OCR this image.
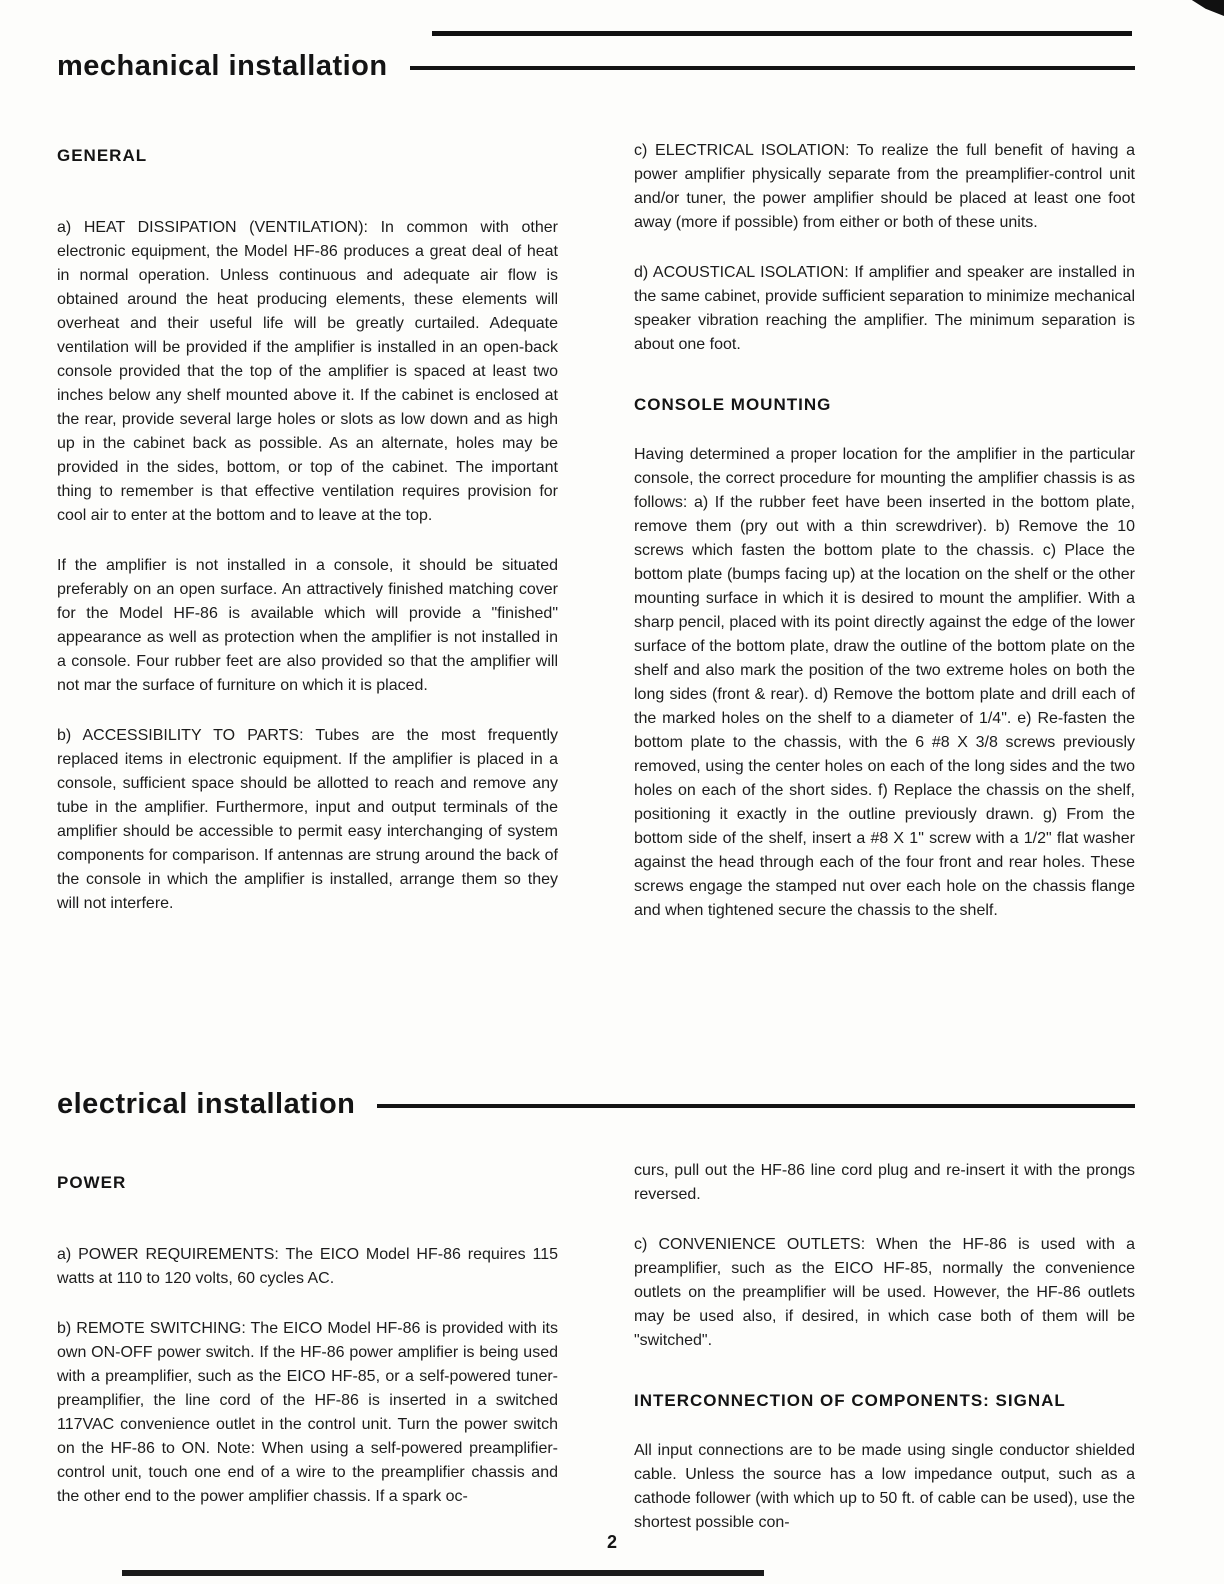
mechanical installation
GENERAL

a) HEAT DISSIPATION (VENTILATION): In common with other electronic equipment, the Model HF-86 produces a great deal of heat in normal operation. Unless continuous and adequate air flow is obtained around the heat producing elements, these elements will overheat and their useful life will be greatly curtailed. Adequate ventilation will be provided if the amplifier is installed in an open-back console provided that the top of the amplifier is spaced at least two inches below any shelf mounted above it. If the cabinet is enclosed at the rear, provide several large holes or slots as low down and as high up in the cabinet back as possible. As an alternate, holes may be provided in the sides, bottom, or top of the cabinet. The important thing to remember is that effective ventilation requires provision for cool air to enter at the bottom and to leave at the top.

If the amplifier is not installed in a console, it should be situated preferably on an open surface. An attractively finished matching cover for the Model HF-86 is available which will provide a "finished" appearance as well as protection when the amplifier is not installed in a console. Four rubber feet are also provided so that the amplifier will not mar the surface of furniture on which it is placed.

b) ACCESSIBILITY TO PARTS: Tubes are the most frequently replaced items in electronic equipment. If the amplifier is placed in a console, sufficient space should be allotted to reach and remove any tube in the amplifier. Furthermore, input and output terminals of the amplifier should be accessible to permit easy interchanging of system components for comparison. If antennas are strung around the back of the console in which the amplifier is installed, arrange them so they will not interfere.

c) ELECTRICAL ISOLATION: To realize the full benefit of having a power amplifier physically separate from the preamplifier-control unit and/or tuner, the power amplifier should be placed at least one foot away (more if possible) from either or both of these units.

d) ACOUSTICAL ISOLATION: If amplifier and speaker are installed in the same cabinet, provide sufficient separation to minimize mechanical speaker vibration reaching the amplifier. The minimum separation is about one foot.

CONSOLE MOUNTING

Having determined a proper location for the amplifier in the particular console, the correct procedure for mounting the amplifier chassis is as follows: a) If the rubber feet have been inserted in the bottom plate, remove them (pry out with a thin screwdriver). b) Remove the 10 screws which fasten the bottom plate to the chassis. c) Place the bottom plate (bumps facing up) at the location on the shelf or the other mounting surface in which it is desired to mount the amplifier. With a sharp pencil, placed with its point directly against the edge of the lower surface of the bottom plate, draw the outline of the bottom plate on the shelf and also mark the position of the two extreme holes on both the long sides (front & rear). d) Remove the bottom plate and drill each of the marked holes on the shelf to a diameter of 1/4". e) Re-fasten the bottom plate to the chassis, with the 6 #8 X 3/8 screws previously removed, using the center holes on each of the long sides and the two holes on each of the short sides. f) Replace the chassis on the shelf, positioning it exactly in the outline previously drawn. g) From the bottom side of the shelf, insert a #8 X 1" screw with a 1/2" flat washer against the head through each of the four front and rear holes. These screws engage the stamped nut over each hole on the chassis flange and when tightened secure the chassis to the shelf.

electrical installation
POWER

a) POWER REQUIREMENTS: The EICO Model HF-86 requires 115 watts at 110 to 120 volts, 60 cycles AC.

b) REMOTE SWITCHING: The EICO Model HF-86 is provided with its own ON-OFF power switch. If the HF-86 power amplifier is being used with a preamplifier, such as the EICO HF-85, or a self-powered tuner-preamplifier, the line cord of the HF-86 is inserted in a switched 117VAC convenience outlet in the control unit. Turn the power switch on the HF-86 to ON. Note: When using a self-powered preamplifier-control unit, touch one end of a wire to the preamplifier chassis and the other end to the power amplifier chassis. If a spark oc-

curs, pull out the HF-86 line cord plug and re-insert it with the prongs reversed.

c) CONVENIENCE OUTLETS: When the HF-86 is used with a preamplifier, such as the EICO HF-85, normally the convenience outlets on the preamplifier will be used. However, the HF-86 outlets may be used also, if desired, in which case both of them will be "switched".

INTERCONNECTION OF COMPONENTS: SIGNAL

All input connections are to be made using single conductor shielded cable. Unless the source has a low impedance output, such as a cathode follower (with which up to 50 ft. of cable can be used), use the shortest possible con-

2
